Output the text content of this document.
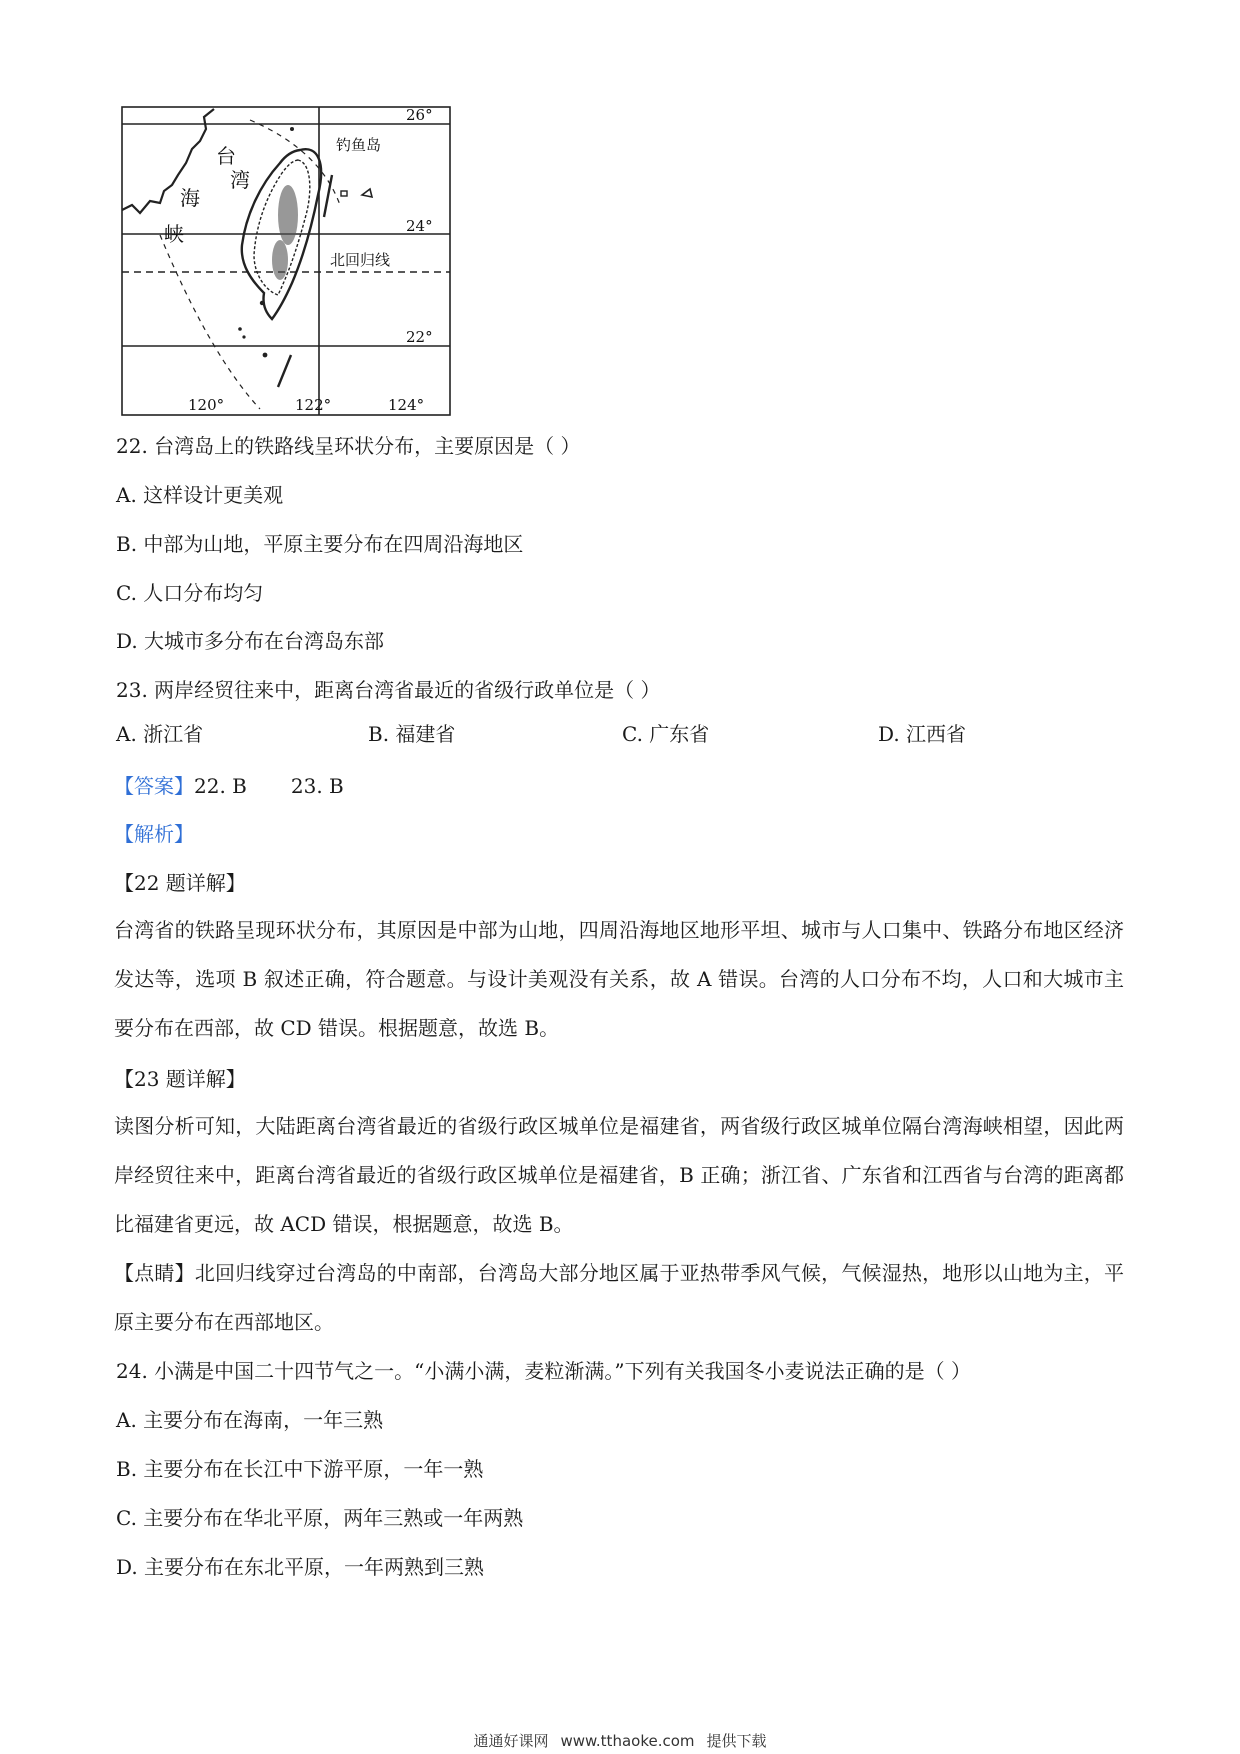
26°
24°
22°
120°	122°	124°
钓鱼岛
北回归线
台
湾
海
峡
22. 台湾岛上的铁路线呈环状分布，主要原因是（ ）
A. 这样设计更美观
B. 中部为山地，平原主要分布在四周沿海地区
C. 人口分布均匀
D. 大城市多分布在台湾岛东部
23. 两岸经贸往来中，距离台湾省最近的省级行政单位是（ ）
A. 浙江省	B. 福建省	C. 广东省	D. 江西省
【答案】22. B 23. B
【解析】
【22 题详解】
台湾省的铁路呈现环状分布，其原因是中部为山地，四周沿海地区地形平坦、城市与人口集中、铁路分布地区经济发达等，选项 B 叙述正确，符合题意。与设计美观没有关系，故 A 错误。台湾的人口分布不均，人口和大城市主要分布在西部，故 CD 错误。根据题意，故选 B。
【23 题详解】
读图分析可知，大陆距离台湾省最近的省级行政区城单位是福建省，两省级行政区城单位隔台湾海峡相望，因此两岸经贸往来中，距离台湾省最近的省级行政区城单位是福建省，B 正确；浙江省、广东省和江西省与台湾的距离都比福建省更远，故 ACD 错误，根据题意，故选 B。
【点睛】北回归线穿过台湾岛的中南部，台湾岛大部分地区属于亚热带季风气候，气候湿热，地形以山地为主，平原主要分布在西部地区。
24. 小满是中国二十四节气之一。“小满小满，麦粒渐满。”下列有关我国冬小麦说法正确的是（ ）
A. 主要分布在海南，一年三熟
B. 主要分布在长江中下游平原，一年一熟
C. 主要分布在华北平原，两年三熟或一年两熟
D. 主要分布在东北平原，一年两熟到三熟
通通好课网 www.tthaoke.com 提供下载
